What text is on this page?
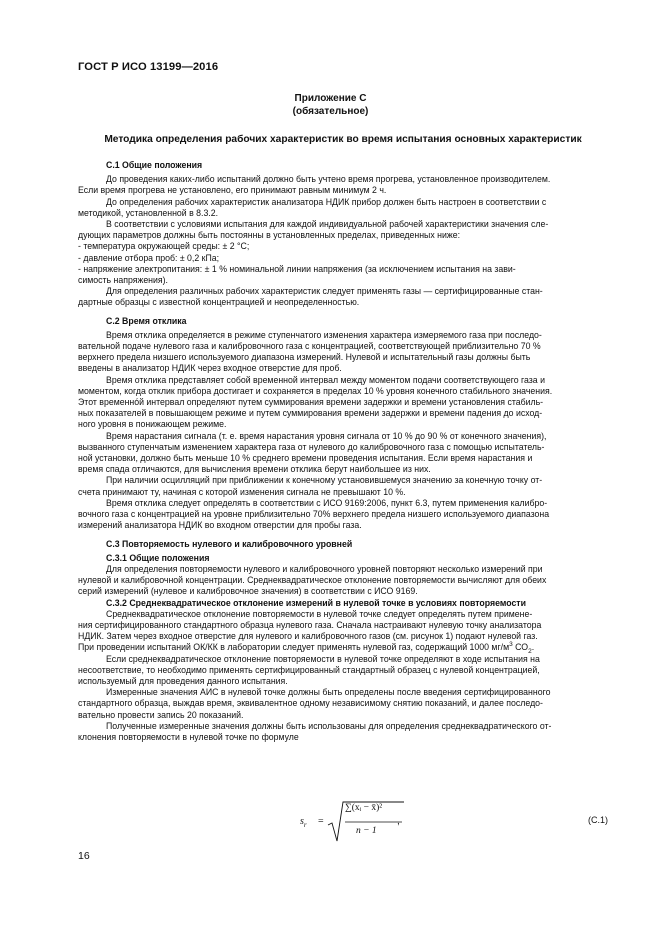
ГОСТ Р ИСО 13199—2016
Приложение С
(обязательное)
Методика определения рабочих характеристик во время испытания основных характеристик
С.1 Общие положения
До проведения каких-либо испытаний должно быть учтено время прогрева, установленное производителем.
Если время прогрева не установлено, его принимают равным минимум 2 ч.
До определения рабочих характеристик анализатора НДИК прибор должен быть настроен в соответствии с
методикой, установленной в 8.3.2.
В соответствии с условиями испытания для каждой индивидуальной рабочей характеристики значения сле-
дующих параметров должны быть постоянны в установленных пределах, приведенных ниже:
- температура окружающей среды: ± 2 °С;
- давление отбора проб: ± 0,2 кПа;
- напряжение электропитания: ± 1 % номинальной линии напряжения (за исключением испытания на зави-
симость напряжения).
Для определения различных рабочих характеристик следует применять газы — сертифицированные стан-
дартные образцы с известной концентрацией и неопределенностью.
С.2 Время отклика
Время отклика определяется в режиме ступенчатого изменения характера измеряемого газа при последо-
вательной подаче нулевого газа и калибровочного газа с концентрацией, соответствующей приблизительно 70 %
верхнего предела низшего используемого диапазона измерений. Нулевой и испытательный газы должны быть
введены в анализатор НДИК через входное отверстие для проб.
Время отклика представляет собой временной интервал между моментом подачи соответствующего газа и
моментом, когда отклик прибора достигает и сохраняется в пределах 10 % уровня конечного стабильного значения.
Этот временно́й интервал определяют путем суммирования времени задержки и времени установления стабиль-
ных показателей в повышающем режиме и путем суммирования времени задержки и времени падения до исход-
ного уровня в понижающем режиме.
Время нарастания сигнала (т. е. время нарастания уровня сигнала от 10 % до 90 % от конечного значения),
вызванного ступенчатым изменением характера газа от нулевого до калибровочного газа с помощью испытатель-
ной установки, должно быть меньше 10 % среднего времени проведения испытания. Если время нарастания и
время спада отличаются, для вычисления времени отклика берут наибольшее из них.
При наличии осцилляций при приближении к конечному установившемуся значению за конечную точку от-
счета принимают ту, начиная с которой изменения сигнала не превышают 10 %.
Время отклика следует определять в соответствии с ИСО 9169:2006, пункт 6.3, путем применения калибро-
вочного газа с концентрацией на уровне приблизительно 70% верхнего предела низшего используемого диапазона
измерений анализатора НДИК во входном отверстии для пробы газа.
С.3 Повторяемость нулевого и калибровочного уровней
С.3.1 Общие положения
Для определения повторяемости нулевого и калибровочного уровней повторяют несколько измерений при
нулевой и калибровочной концентрации. Среднеквадратическое отклонение повторяемости вычисляют для обеих
серий измерений (нулевое и калибровочное значения) в соответствии с ИСО 9169.
С.3.2 Среднеквадратическое отклонение измерений в нулевой точке в условиях повторяемости
Среднеквадратическое отклонение повторяемости в нулевой точке следует определять путем примене-
ния сертифицированного стандартного образца нулевого газа. Сначала настраивают нулевую точку анализатора
НДИК. Затем через входное отверстие для нулевого и калибровочного газов (см. рисунок 1) подают нулевой газ.
При проведении испытаний ОК/КК в лаборатории следует применять нулевой газ, содержащий 1000 $мг/м^3$ $СО_2$.
Если среднеквадратическое отклонение повторяемости в нулевой точке определяют в ходе испытания на
несоответствие, то необходимо применять сертифицированный стандартный образец с нулевой концентрацией,
используемый для проведения данного испытания.
Измеренные значения АИС в нулевой точке должны быть определены после введения сертифицированного
стандартного образца, выждав время, эквивалентное одному независимому снятию показаний, и далее последо-
вательно провести запись 20 показаний.
Полученные измеренные значения должны быть использованы для определения среднеквадратического от-
клонения повторяемости в нулевой точке по формуле
$s_r$ =
∑(xᵢ − x̄)²
n − 1
,	(С.1)
16
